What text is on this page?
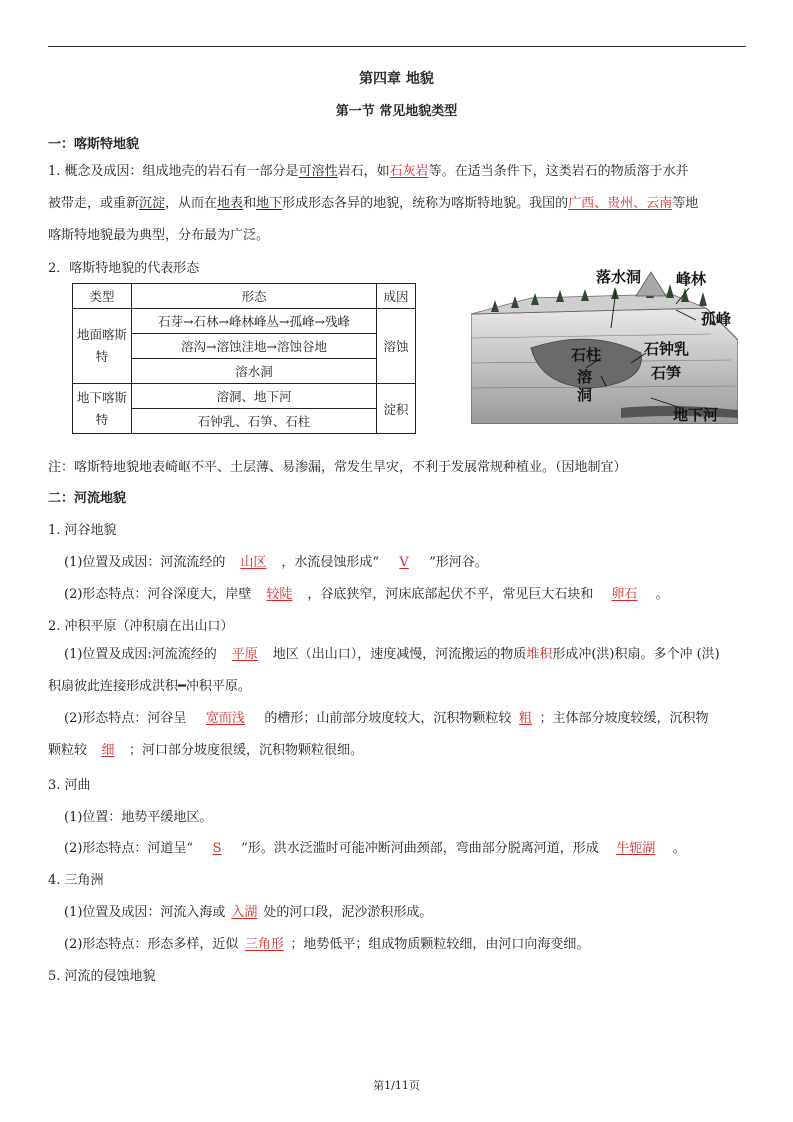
第四章 地貌
第一节 常见地貌类型
一：喀斯特地貌
1. 概念及成因：组成地壳的岩石有一部分是可溶性岩石，如石灰岩等。在适当条件下，这类岩石的物质溶于水并
被带走，或重新沉淀，从而在地表和地下形成形态各异的地貌，统称为喀斯特地貌。我国的广西、贵州、云南等地
喀斯特地貌最为典型，分布最为广泛。
2．喀斯特地貌的代表形态
类型	形态	成因
地面喀斯特	石芽→石林→峰林峰丛→孤峰→残峰	溶蚀
	溶沟→溶蚀洼地→溶蚀谷地	
	溶水洞	
地下喀斯特	溶洞、地下河	淀积
	石钟乳、石笋、石柱	
落水洞 峰林
孤峰
石柱	石钟乳
石笋
溶
洞
地下河
注：喀斯特地貌地表崎岖不平、土层薄、易渗漏，常发生旱灾，不利于发展常规种植业。（因地制宜）
二：河流地貌
1. 河谷地貌
(1)位置及成因：河流流经的 山区 ，水流侵蚀形成“ V ”形河谷。
(2)形态特点：河谷深度大，岸壁 较陡 ，谷底狭窄，河床底部起伏不平，常见巨大石块和 卵石 。
2. 冲积平原（冲积扇在出山口）
(1)位置及成因:河流流经的 平原 地区（出山口），速度减慢，河流搬运的物质堆积形成冲(洪)积扇。多个冲 (洪)
积扇彼此连接形成洪积━冲积平原。
(2)形态特点：河谷呈 宽而浅 的槽形；山前部分坡度较大，沉积物颗粒较 粗 ；主体部分坡度较缓，沉积物
颗粒较 细 ；河口部分坡度很缓，沉积物颗粒很细。
3. 河曲
(1)位置：地势平缓地区。
(2)形态特点：河道呈“ S ”形。洪水泛滥时可能冲断河曲颈部，弯曲部分脱离河道，形成 牛轭湖 。
4. 三角洲
(1)位置及成因：河流入海或 入湖 处的河口段，泥沙淤积形成。
(2)形态特点：形态多样，近似 三角形 ；地势低平；组成物质颗粒较细，由河口向海变细。
5. 河流的侵蚀地貌
第1/11页
